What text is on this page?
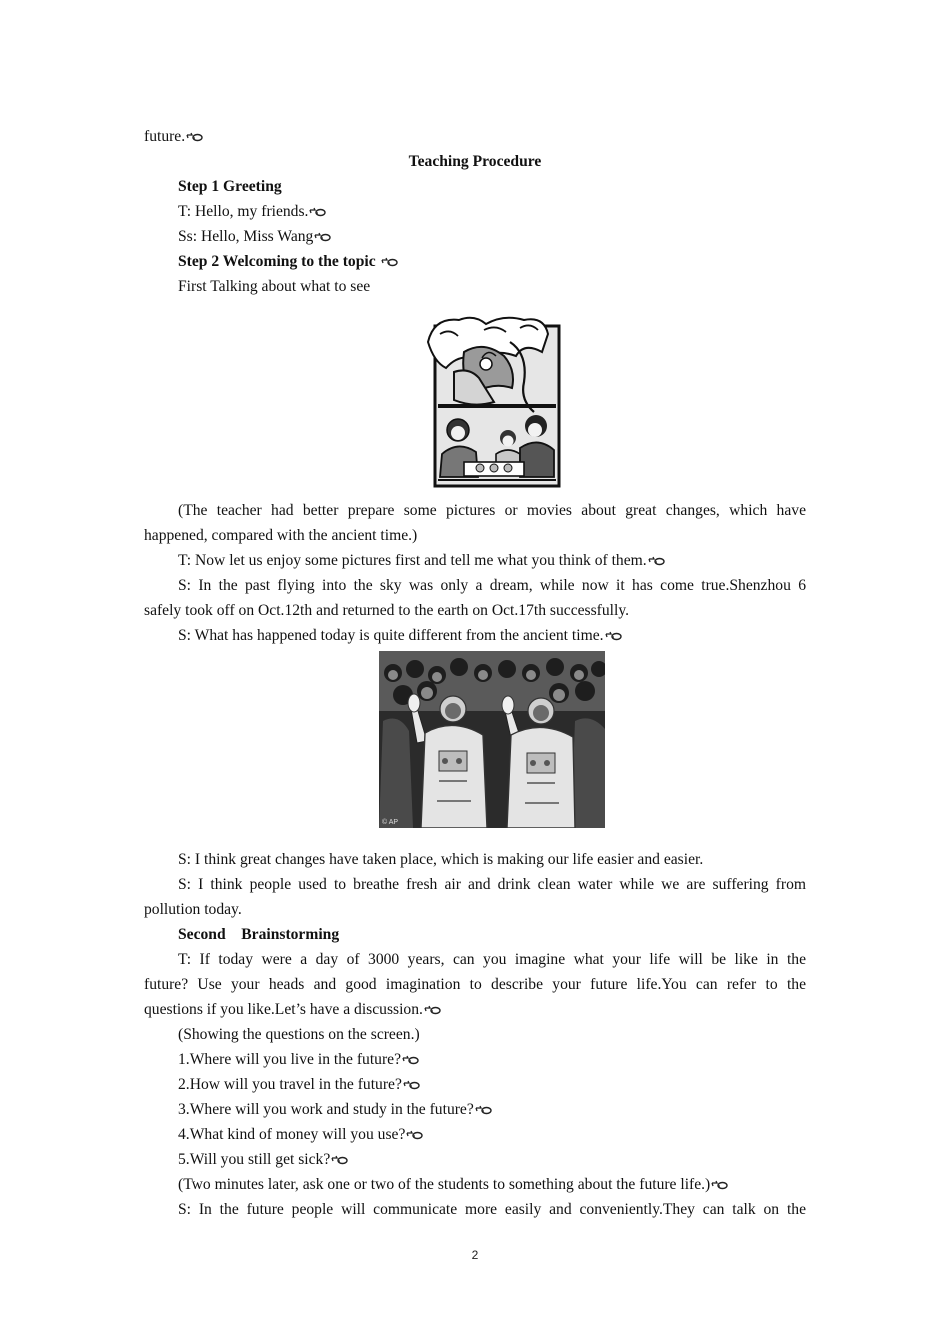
future.
Teaching Procedure
Step 1 Greeting
T: Hello, my friends.
Ss: Hello, Miss Wang
Step 2 Welcoming to the topic
First Talking about what to see
(The teacher had better prepare some pictures or movies about great changes, which have
happened, compared with the ancient time.)
T: Now let us enjoy some pictures first and tell me what you think of them.
S: In the past flying into the sky was only a dream, while now it has come true.Shenzhou 6
safely took off on Oct.12th and returned to the earth on Oct.17th successfully.
S: What has happened today is quite different from the ancient time.
© AP
S: I think great changes have taken place, which is making our life easier and easier.
S: I think people used to breathe fresh air and drink clean water while we are suffering from
pollution today.
Second    Brainstorming
T: If today were a day of 3000 years, can you imagine what your life will be like in the
future? Use your heads and good imagination to describe your future life.You can refer to the
questions if you like.Let’s have a discussion.
(Showing the questions on the screen.)
1.Where will you live in the future?
2.How will you travel in the future?
3.Where will you work and study in the future?
4.What kind of money will you use?
5.Will you still get sick?
(Two minutes later, ask one or two of the students to something about the future life.)
S: In the future people will communicate more easily and conveniently.They can talk on the
2
